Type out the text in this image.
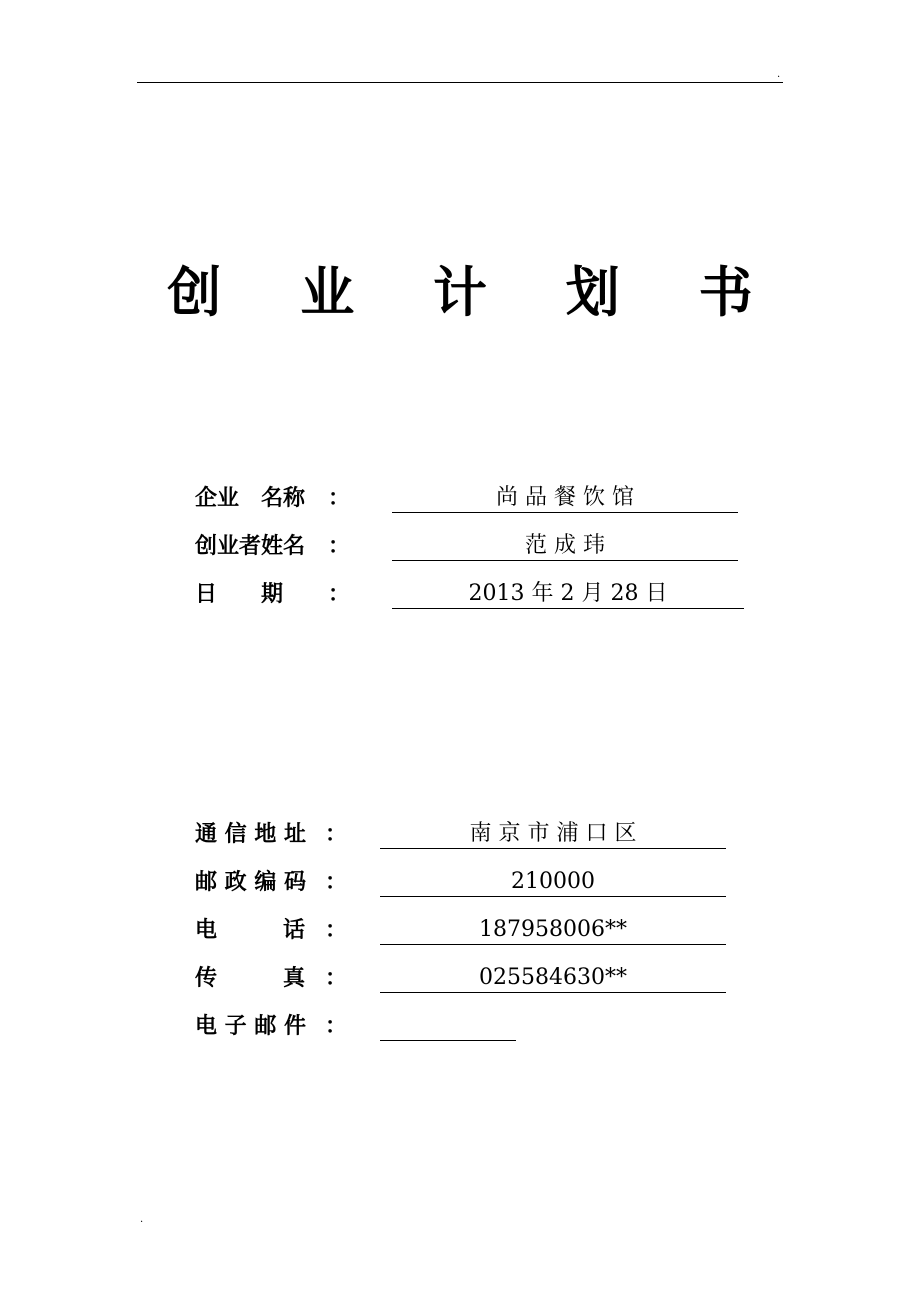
.
创 业 计 划 书
企业　名称 ：	尚 品 餐 饮 馆
创业者姓名 ：	范 成 玮
日　　期 ：	2013 年 2 月 28 日
通 信 地 址 ：	南 京 市 浦 口 区
邮 政 编 码 ：	210000
电　　　话 ：	187958006**
传　　　真 ：	025584630**
电 子 邮 件 ：
.
